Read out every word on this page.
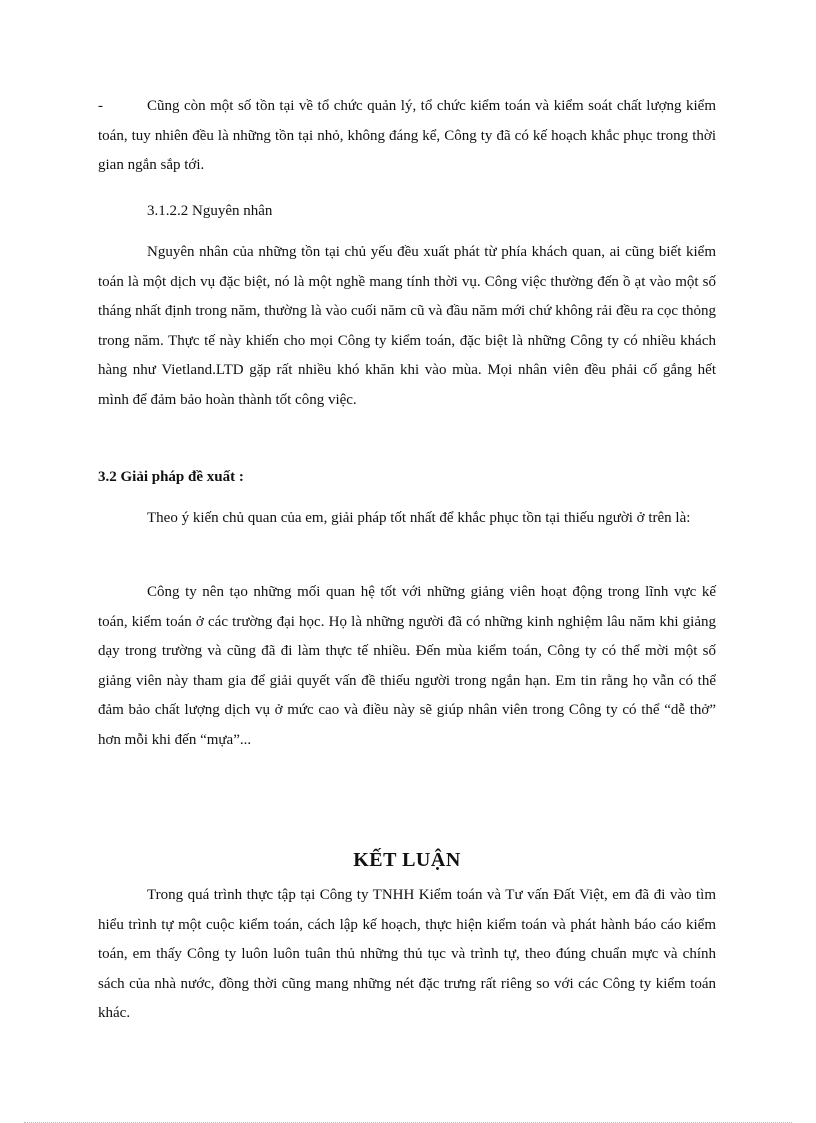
-	Cũng còn một số tồn tại về tổ chức quản lý, tổ chức kiểm toán và kiểm soát chất lượng kiểm toán, tuy nhiên đều là những tồn tại nhỏ, không đáng kể, Công ty đã có kế hoạch khắc phục trong thời gian ngắn sắp tới.

3.1.2.2 Nguyên nhân

Nguyên nhân của những tồn tại chủ yếu đều xuất phát từ phía khách quan, ai cũng biết kiểm toán là một dịch vụ đặc biệt, nó là một nghề mang tính thời vụ. Công việc thường đến ồ ạt vào một số tháng nhất định trong năm, thường là vào cuối năm cũ và đầu năm mới chứ không rải đều ra cọc thỏng trong năm. Thực tế này khiến cho mọi Công ty kiểm toán, đặc biệt là những Công ty có nhiều khách hàng như Vietland.LTD gặp rất nhiều khó khăn khi vào mùa. Mọi nhân viên đều phải cố gắng hết mình để đảm bảo hoàn thành tốt công việc.

3.2 Giải pháp đề xuất :

Theo ý kiến chủ quan của em, giải pháp tốt nhất để khắc phục tồn tại thiếu người ở trên là:

Công ty nên tạo những mối quan hệ tốt với những giảng viên hoạt động trong lĩnh vực kế toán, kiểm toán ở các trường đại học. Họ là những người đã có những kinh nghiệm lâu năm khi giảng dạy trong trường và cũng đã đi làm thực tế nhiều. Đến mùa kiểm toán, Công ty có thể mời một số giảng viên này tham gia để giải quyết vấn đề thiếu người trong ngắn hạn. Em tin rằng họ vẫn có thể đảm bảo chất lượng dịch vụ ở mức cao và điều này sẽ giúp nhân viên trong Công ty có thể “dễ thở” hơn mỗi khi đến “mựa”...

KẾT LUẬN

Trong quá trình thực tập tại Công ty TNHH Kiểm toán và Tư vấn Đất Việt, em đã đi vào tìm hiểu trình tự một cuộc kiểm toán, cách lập kế hoạch, thực hiện kiểm toán và phát hành báo cáo kiểm toán, em thấy Công ty luôn luôn tuân thủ những thủ tục và trình tự, theo đúng chuẩn mực và chính sách của nhà nước, đồng thời cũng mang những nét đặc trưng rất riêng so với các Công ty kiểm toán khác.
